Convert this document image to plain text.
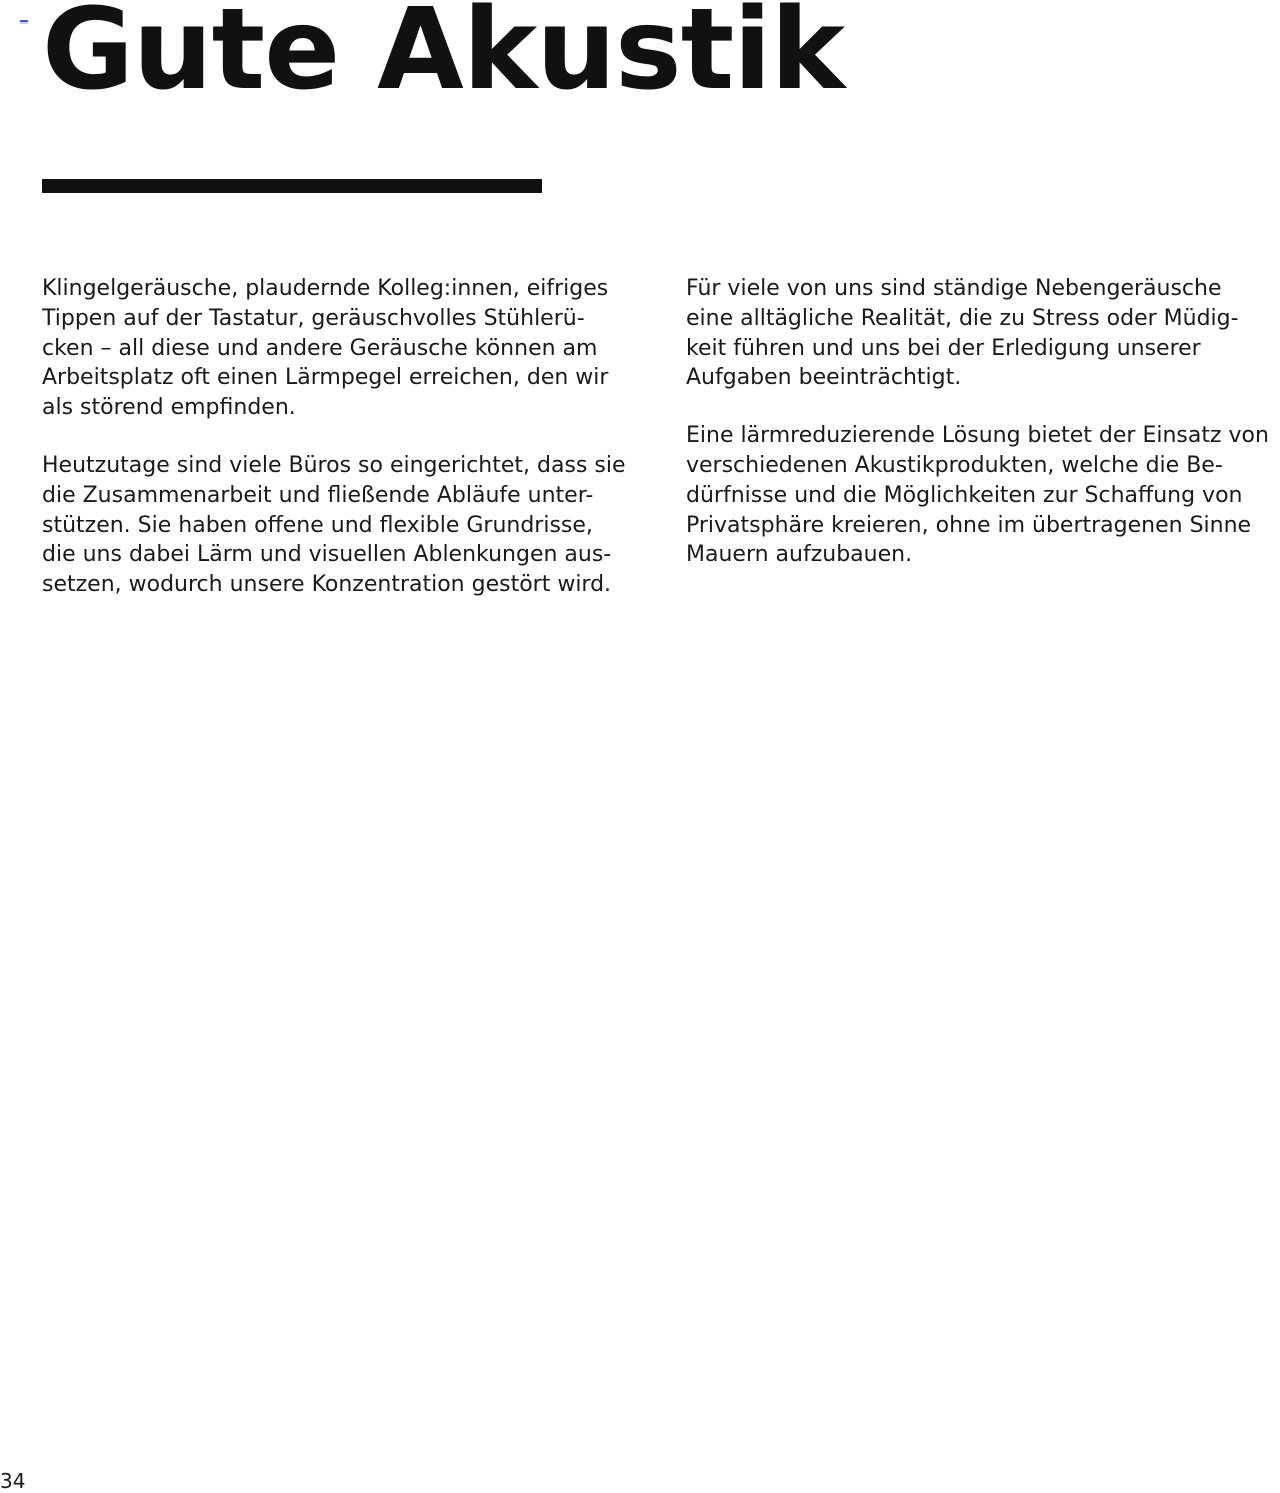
Gute Akustik

Klingelgeräusche, plaudernde Kolleg:innen, eifriges
Tippen auf der Tastatur, geräuschvolles Stühlerü-
cken – all diese und andere Geräusche können am
Arbeitsplatz oft einen Lärmpegel erreichen, den wir
als störend empfinden.

Heutzutage sind viele Büros so eingerichtet, dass sie
die Zusammenarbeit und fließende Abläufe unter-
stützen. Sie haben offene und flexible Grundrisse,
die uns dabei Lärm und visuellen Ablenkungen aus-
setzen, wodurch unsere Konzentration gestört wird.

Für viele von uns sind ständige Nebengeräusche
eine alltägliche Realität, die zu Stress oder Müdig-
keit führen und uns bei der Erledigung unserer
Aufgaben beeinträchtigt.

Eine lärmreduzierende Lösung bietet der Einsatz von
verschiedenen Akustikprodukten, welche die Be-
dürfnisse und die Möglichkeiten zur Schaffung von
Privatsphäre kreieren, ohne im übertragenen Sinne
Mauern aufzubauen.

34
